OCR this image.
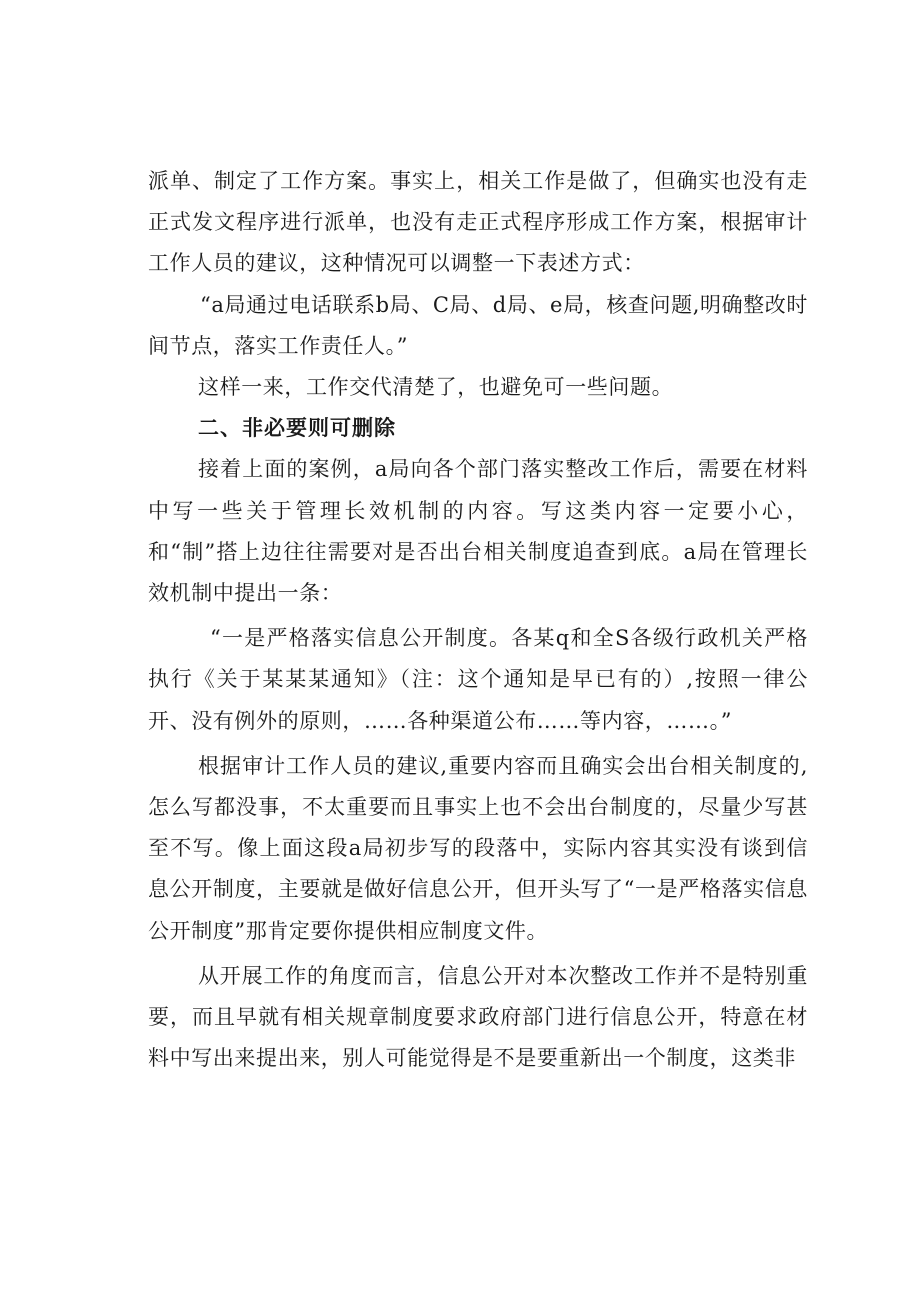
派单、制定了工作方案。事实上，相关工作是做了，但确实也没有走正式发文程序进行派单，也没有走正式程序形成工作方案，根据审计工作人员的建议，这种情况可以调整一下表述方式：

“a局通过电话联系b局、C局、d局、e局，核查问题,明确整改时间节点，落实工作责任人。”

这样一来，工作交代清楚了，也避免可一些问题。

二、非必要则可删除

接着上面的案例，a局向各个部门落实整改工作后，需要在材料中写一些关于管理长效机制的内容。写这类内容一定要小心，和“制”搭上边往往需要对是否出台相关制度追查到底。a局在管理长效机制中提出一条：

“一是严格落实信息公开制度。各某q和全S各级行政机关严格执行《关于某某某通知》（注：这个通知是早已有的）,按照一律公开、没有例外的原则，……各种渠道公布……等内容，……。”

根据审计工作人员的建议,重要内容而且确实会出台相关制度的,怎么写都没事，不太重要而且事实上也不会出台制度的，尽量少写甚至不写。像上面这段a局初步写的段落中，实际内容其实没有谈到信息公开制度，主要就是做好信息公开，但开头写了“一是严格落实信息公开制度”那肯定要你提供相应制度文件。

从开展工作的角度而言，信息公开对本次整改工作并不是特别重要，而且早就有相关规章制度要求政府部门进行信息公开，特意在材料中写出来提出来，别人可能觉得是不是要重新出一个制度，这类非
